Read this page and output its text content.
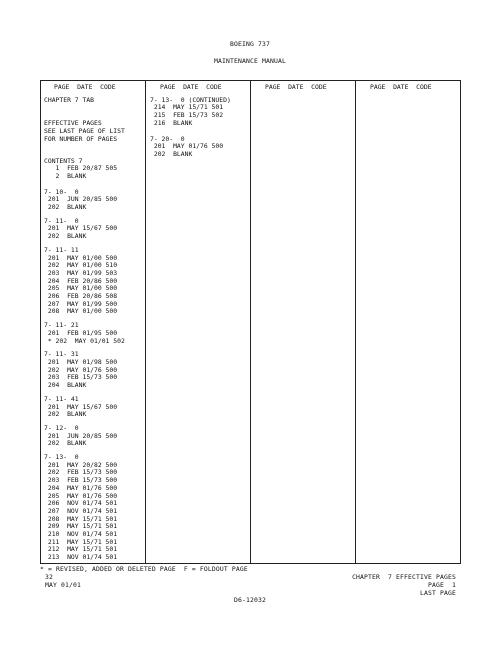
BOEING 737
MAINTENANCE MANUAL
PAGE  DATE  CODE
CHAPTER 7 TAB
EFFECTIVE PAGES
SEE LAST PAGE OF LIST
FOR NUMBER OF PAGES
CONTENTS 7
1  FEB 20/87 505
2  BLANK
7- 10-  0
201  JUN 20/85 500
202  BLANK
7- 11-  0
201  MAY 15/67 500
202  BLANK
7- 11- 11
201  MAY 01/00 500
202  MAY 01/00 510
203  MAY 01/99 503
204  FEB 20/86 500
205  MAY 01/00 500
206  FEB 20/86 508
207  MAY 01/99 500
208  MAY 01/00 500
7- 11- 21
201  FEB 01/95 500
* 202  MAY 01/01 502
7- 11- 31
201  MAY 01/98 500
202  MAY 01/76 500
203  FEB 15/73 500
204  BLANK
7- 11- 41
201  MAY 15/67 500
202  BLANK
7- 12-  0
201  JUN 20/85 500
202  BLANK
7- 13-  0
201  MAY 20/82 500
202  FEB 15/73 500
203  FEB 15/73 500
204  MAY 01/76 500
205  MAY 01/76 500
206  NOV 01/74 501
207  NOV 01/74 501
208  MAY 15/71 501
209  MAY 15/71 501
210  NOV 01/74 501
211  MAY 15/71 501
212  MAY 15/71 501
213  NOV 01/74 501
PAGE  DATE  CODE
7- 13-  0 (CONTINUED)
214  MAY 15/71 501
215  FEB 15/73 502
216  BLANK
7- 20-  0
201  MAY 01/76 500
202  BLANK
PAGE  DATE  CODE	PAGE  DATE  CODE
* = REVISED, ADDED OR DELETED PAGE  F = FOLDOUT PAGE
32
MAY 01/01
CHAPTER  7 EFFECTIVE PAGES
PAGE  1
LAST PAGE
D6-12032
